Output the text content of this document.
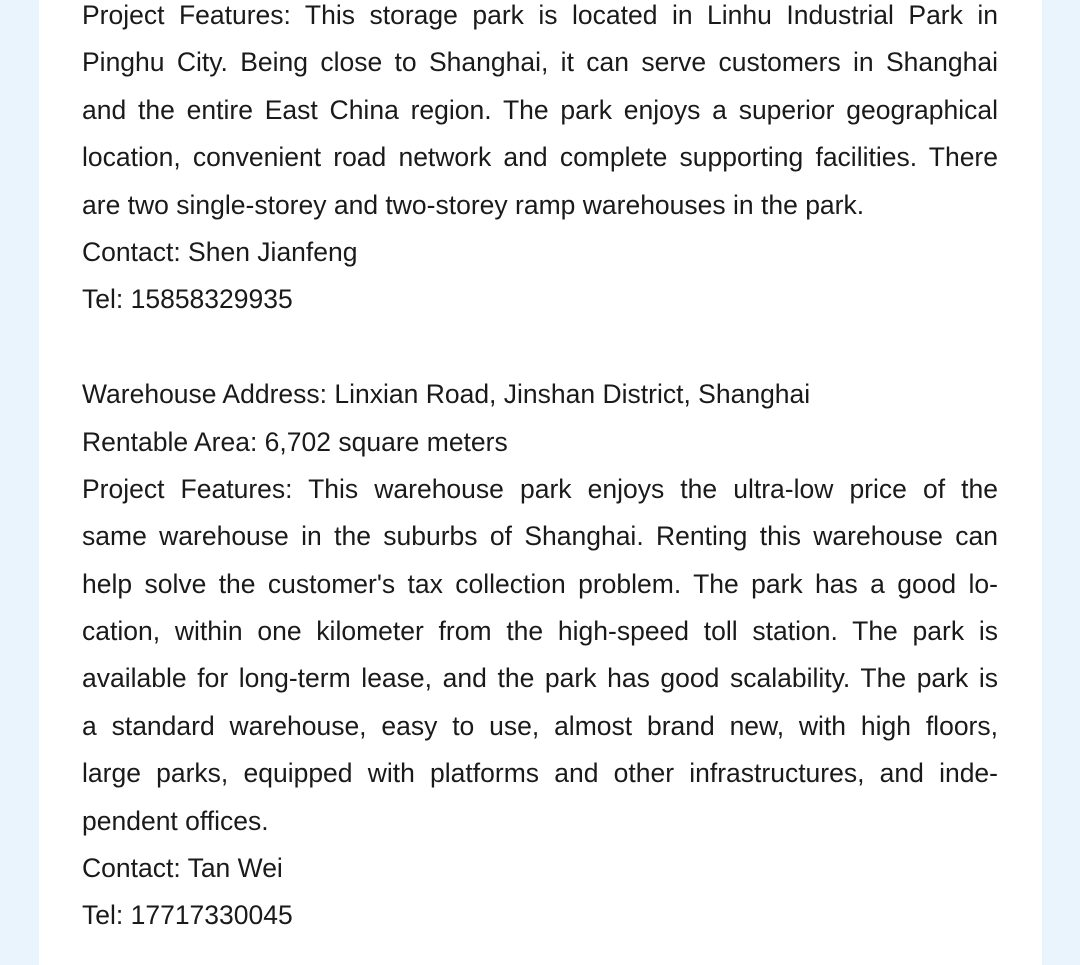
Project Features: This storage park is located in Linhu Industrial Park in
Pinghu City. Being close to Shanghai, it can serve customers in Shanghai
and the entire East China region. The park enjoys a superior geographical
location, convenient road network and complete supporting facilities. There
are two single-storey and two-storey ramp warehouses in the park.
Contact: Shen Jianfeng
Tel: 15858329935
Warehouse Address: Linxian Road, Jinshan District, Shanghai
Rentable Area: 6,702 square meters
Project Features: This warehouse park enjoys the ultra-low price of the
same warehouse in the suburbs of Shanghai. Renting this warehouse can
help solve the customer's tax collection problem. The park has a good lo-
cation, within one kilometer from the high-speed toll station. The park is
available for long-term lease, and the park has good scalability. The park is
a standard warehouse, easy to use, almost brand new, with high floors,
large parks, equipped with platforms and other infrastructures, and inde-
pendent offices.
Contact: Tan Wei
Tel: 17717330045
